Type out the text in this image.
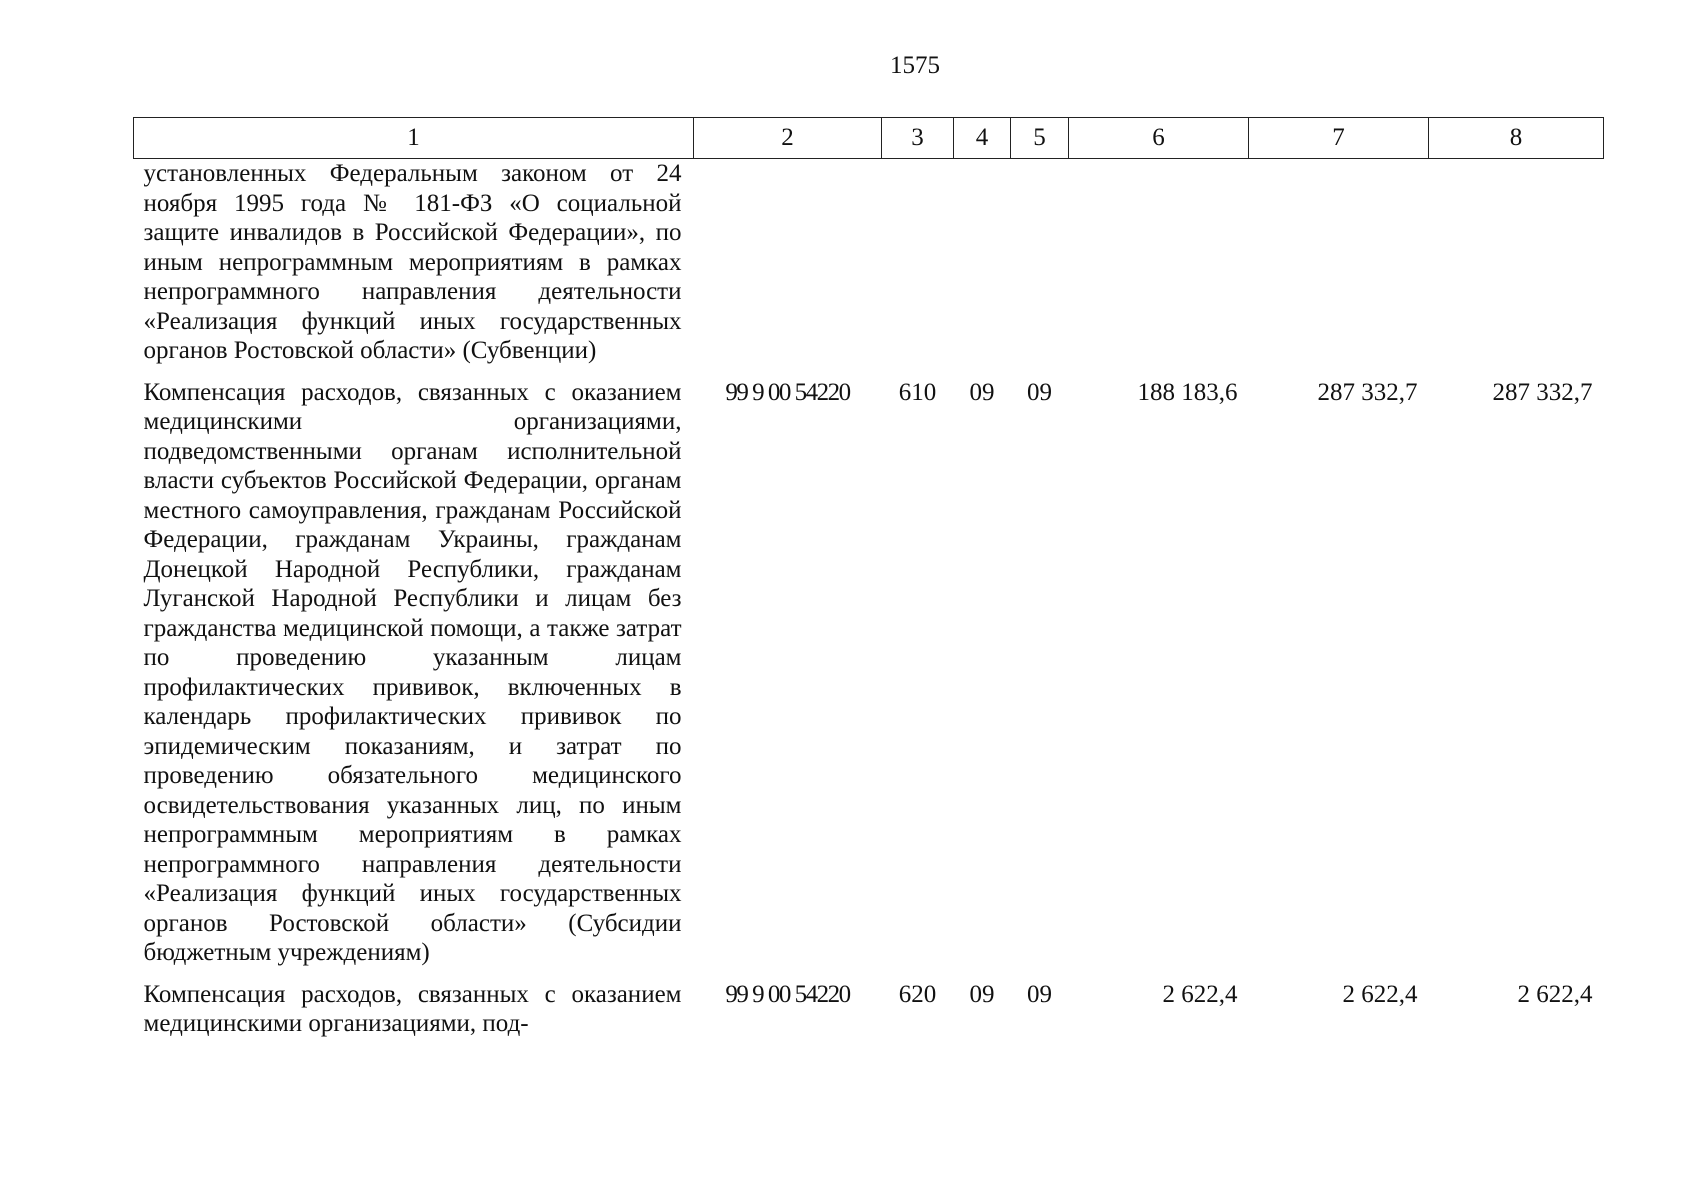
1575
1	2	3	4	5	6	7	8
установленных Федеральным законом от 24 ноября 1995 года № 181-ФЗ «О социальной защите инвалидов в Российской Федерации», по иным непрограммным мероприятиям в рамках непрограммного направления деятельности «Реализация функций иных государственных органов Ростовской области» (Субвенции)							
Компенсация расходов, связанных с оказанием медицинскими организациями, подведомственными органам исполнительной власти субъектов Российской Федерации, органам местного самоуправления, гражданам Российской Федерации, гражданам Украины, гражданам Донецкой Народной Республики, гражданам Луганской Народной Республики и лицам без гражданства медицинской помощи, а также затрат по проведению указанным лицам профилактических прививок, включенных в календарь профилактических прививок по эпидемическим показаниям, и затрат по проведению обязательного медицинского освидетельствования указанных лиц, по иным непрограммным мероприятиям в рамках непрограммного направления деятельности «Реализация функций иных государственных органов Ростовской области» (Субсидии бюджетным учреждениям)	99 9 00 54220	610	09	09	188 183,6	287 332,7	287 332,7
Компенсация расходов, связанных с оказанием медицинскими организациями, под-	99 9 00 54220	620	09	09	2 622,4	2 622,4	2 622,4
